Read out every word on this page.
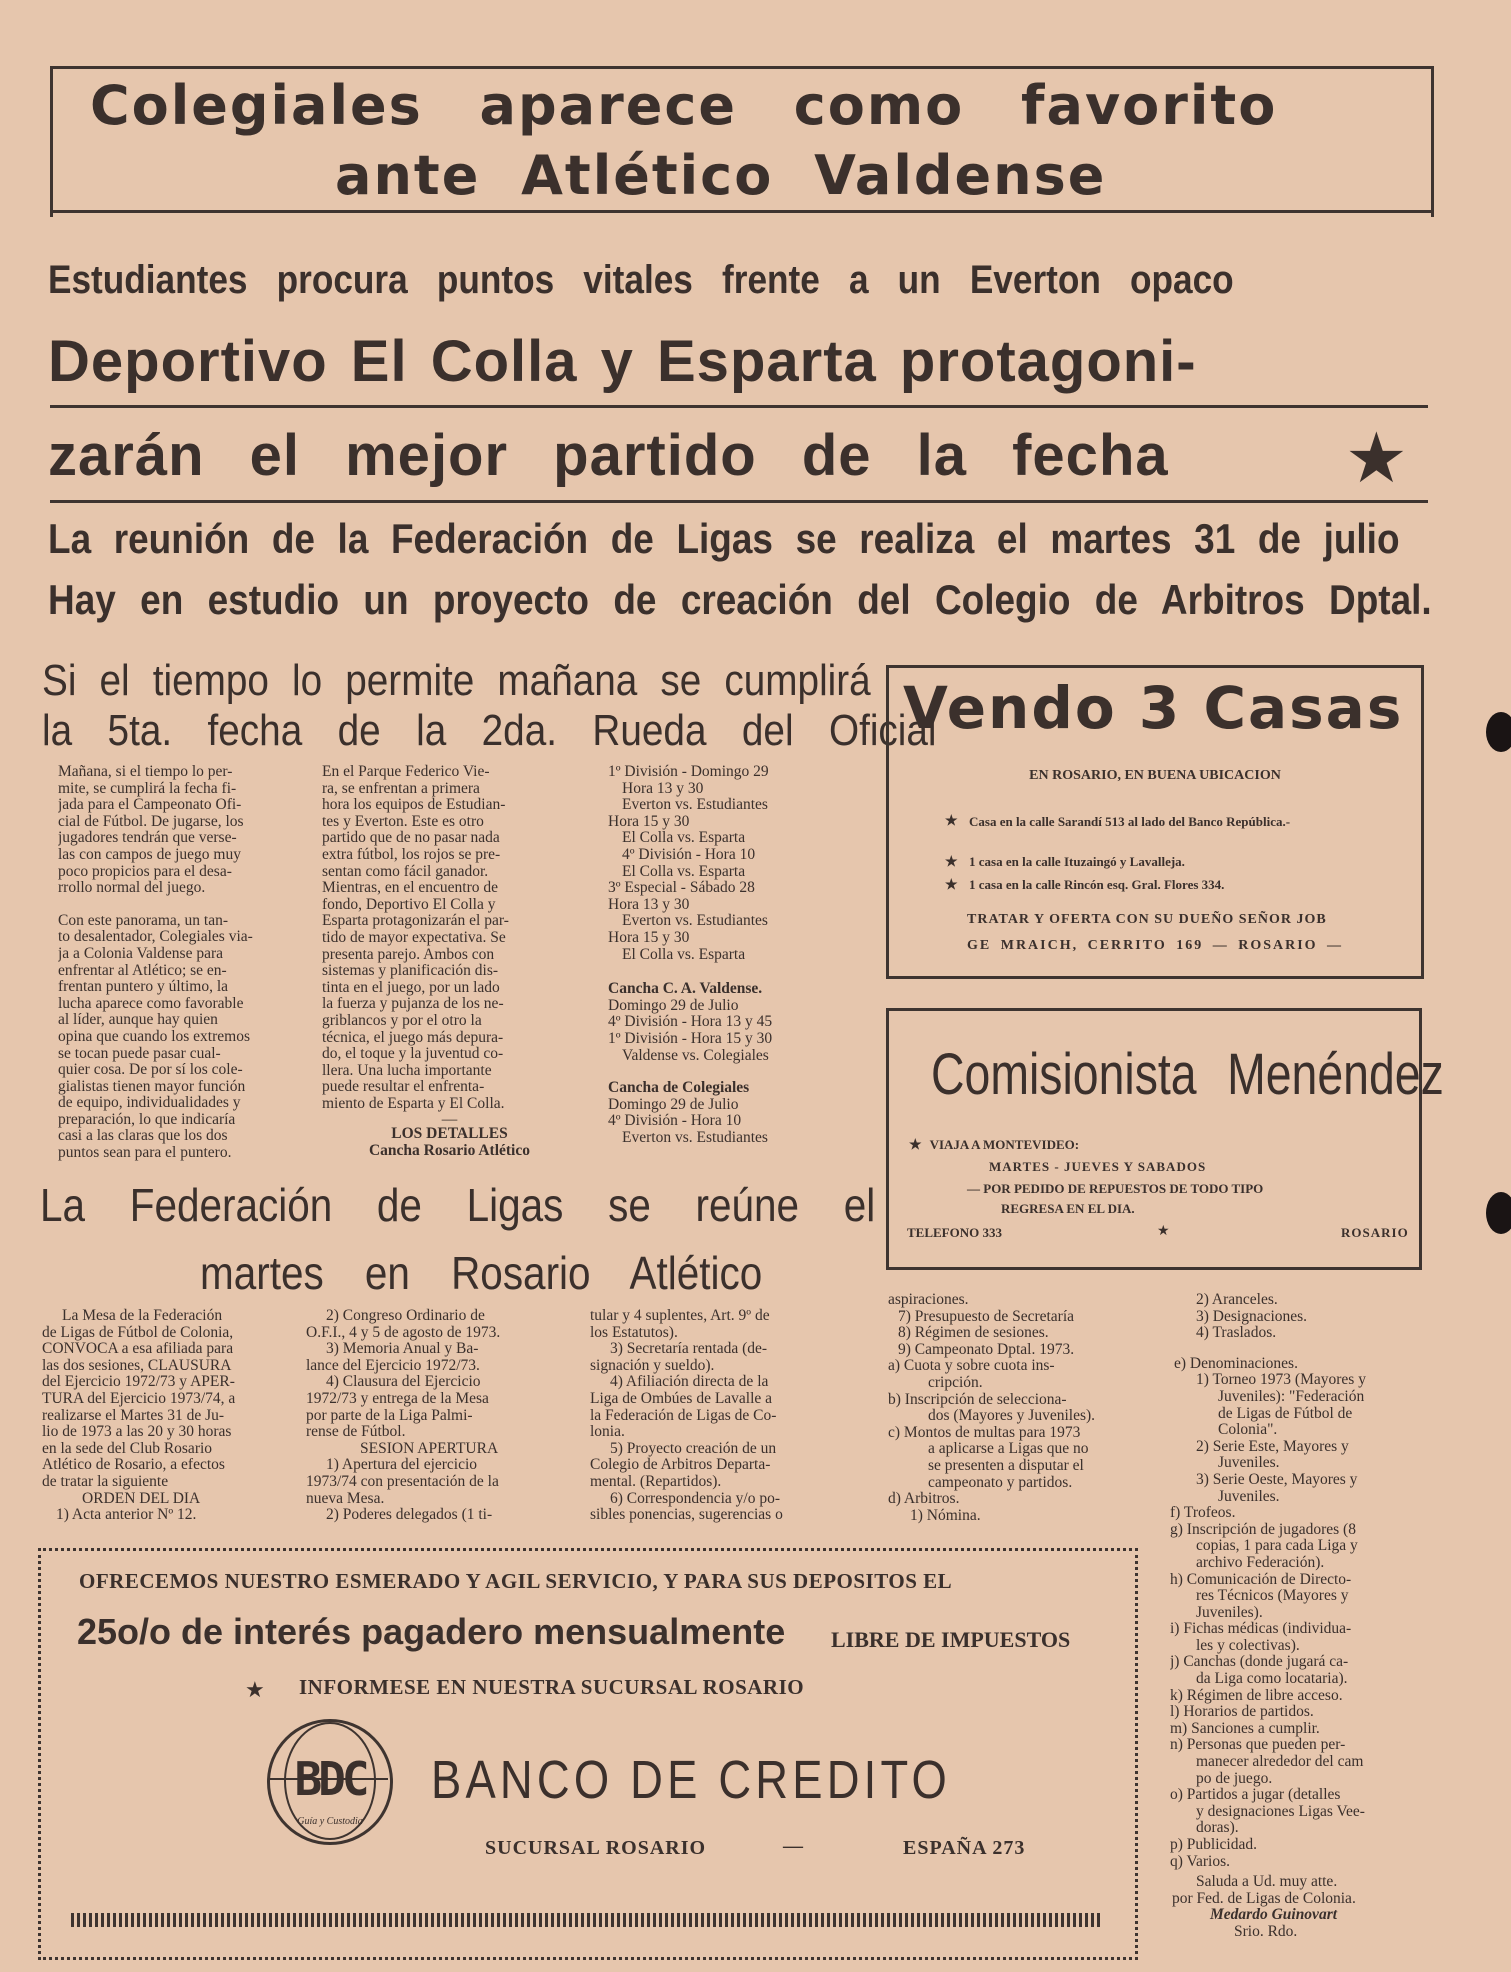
Colegiales aparece como favorito
ante Atlético Valdense
Estudiantes procura puntos vitales frente a un Everton opaco
Deportivo El Colla y Esparta protagoni-
zarán el mejor partido de la fecha	★
La reunión de la Federación de Ligas se realiza el martes 31 de julio
Hay en estudio un proyecto de creación del Colegio de Arbitros Dptal.
Si el tiempo lo permite mañana se cumplirá
la 5ta. fecha de la 2da. Rueda del Oficial
Mañana, si el tiempo lo per-
mite, se cumplirá la fecha fi-
jada para el Campeonato Ofi-
cial de Fútbol. De jugarse, los
jugadores tendrán que verse-
las con campos de juego muy
poco propicios para el desa-
rrollo normal del juego.
Con este panorama, un tan-
to desalentador, Colegiales via-
ja a Colonia Valdense para
enfrentar al Atlético; se en-
frentan puntero y último, la
lucha aparece como favorable
al líder, aunque hay quien
opina que cuando los extremos
se tocan puede pasar cual-
quier cosa. De por sí los cole-
gialistas tienen mayor función
de equipo, individualidades y
preparación, lo que indicaría
casi a las claras que los dos
puntos sean para el puntero.
En el Parque Federico Vie-
ra, se enfrentan a primera
hora los equipos de Estudian-
tes y Everton. Este es otro
partido que de no pasar nada
extra fútbol, los rojos se pre-
sentan como fácil ganador.
Mientras, en el encuentro de
fondo, Deportivo El Colla y
Esparta protagonizarán el par-
tido de mayor expectativa. Se
presenta parejo. Ambos con
sistemas y planificación dis-
tinta en el juego, por un lado
la fuerza y pujanza de los ne-
griblancos y por el otro la
técnica, el juego más depura-
do, el toque y la juventud co-
llera. Una lucha importante
puede resultar el enfrenta-
miento de Esparta y El Colla.
—
LOS DETALLES
Cancha Rosario Atlético
1º División - Domingo 29
Hora 13 y 30
Everton vs. Estudiantes
Hora 15 y 30
El Colla vs. Esparta
4º División - Hora 10
El Colla vs. Esparta
3º Especial - Sábado 28
Hora 13 y 30
Everton vs. Estudiantes
Hora 15 y 30
El Colla vs. Esparta
Cancha C. A. Valdense.
Domingo 29 de Julio
4º División - Hora 13 y 45
1º División - Hora 15 y 30
Valdense vs. Colegiales
Cancha de Colegiales
Domingo 29 de Julio
4º División - Hora 10
Everton vs. Estudiantes
Vendo 3 Casas
EN ROSARIO, EN BUENA UBICACION
★ Casa en la calle Sarandí 513 al lado del Banco República.-
★ 1 casa en la calle Ituzaingó y Lavalleja.
★ 1 casa en la calle Rincón esq. Gral. Flores 334.
TRATAR Y OFERTA CON SU DUEÑO SEÑOR JOB
GE MRAICH, CERRITO 169 — ROSARIO —
Comisionista Menéndez
★ VIAJA A MONTEVIDEO:
MARTES - JUEVES Y SABADOS
— POR PEDIDO DE REPUESTOS DE TODO TIPO
REGRESA EN EL DIA.
TELEFONO 333	★	ROSARIO
La Federación de Ligas se reúne el
martes en Rosario Atlético
La Mesa de la Federación
de Ligas de Fútbol de Colonia,
CONVOCA a esa afiliada para
las dos sesiones, CLAUSURA
del Ejercicio 1972/73 y APER-
TURA del Ejercicio 1973/74, a
realizarse el Martes 31 de Ju-
lio de 1973 a las 20 y 30 horas
en la sede del Club Rosario
Atlético de Rosario, a efectos
de tratar la siguiente
ORDEN DEL DIA
1) Acta anterior Nº 12.
2) Congreso Ordinario de
O.F.I., 4 y 5 de agosto de 1973.
3) Memoria Anual y Ba-
lance del Ejercicio 1972/73.
4) Clausura del Ejercicio
1972/73 y entrega de la Mesa
por parte de la Liga Palmi-
rense de Fútbol.
SESION APERTURA
1) Apertura del ejercicio
1973/74 con presentación de la
nueva Mesa.
2) Poderes delegados (1 ti-
tular y 4 suplentes, Art. 9º de
los Estatutos).
3) Secretaría rentada (de-
signación y sueldo).
4) Afiliación directa de la
Liga de Ombúes de Lavalle a
la Federación de Ligas de Co-
lonia.
5) Proyecto creación de un
Colegio de Arbitros Departa-
mental. (Repartidos).
6) Correspondencia y/o po-
sibles ponencias, sugerencias o
aspiraciones.
7) Presupuesto de Secretaría
8) Régimen de sesiones.
9) Campeonato Dptal. 1973.
a) Cuota y sobre cuota ins-
cripción.
b) Inscripción de selecciona-
dos (Mayores y Juveniles).
c) Montos de multas para 1973
a aplicarse a Ligas que no
se presenten a disputar el
campeonato y partidos.
d) Arbitros.
1) Nómina.
2) Aranceles.
3) Designaciones.
4) Traslados.
e) Denominaciones.
1) Torneo 1973 (Mayores y
Juveniles): "Federación
de Ligas de Fútbol de
Colonia".
2) Serie Este, Mayores y
Juveniles.
3) Serie Oeste, Mayores y
Juveniles.
f) Trofeos.
g) Inscripción de jugadores (8
copias, 1 para cada Liga y
archivo Federación).
h) Comunicación de Directo-
res Técnicos (Mayores y
Juveniles).
i) Fichas médicas (individua-
les y colectivas).
j) Canchas (donde jugará ca-
da Liga como locataria).
k) Régimen de libre acceso.
l) Horarios de partidos.
m) Sanciones a cumplir.
n) Personas que pueden per-
manecer alrededor del cam
po de juego.
o) Partidos a jugar (detalles
y designaciones Ligas Vee-
doras).
p) Publicidad.
q) Varios.
Saluda a Ud. muy atte.
por Fed. de Ligas de Colonia.
Medardo Guinovart
Srio. Rdo.
OFRECEMOS NUESTRO ESMERADO Y AGIL SERVICIO, Y PARA SUS DEPOSITOS EL
25o/o de interés pagadero mensualmente LIBRE DE IMPUESTOS
★ INFORMESE EN NUESTRA SUCURSAL ROSARIO
BDC
Guía y Custodia
BANCO DE CREDITO
SUCURSAL ROSARIO	—	ESPAÑA 273
